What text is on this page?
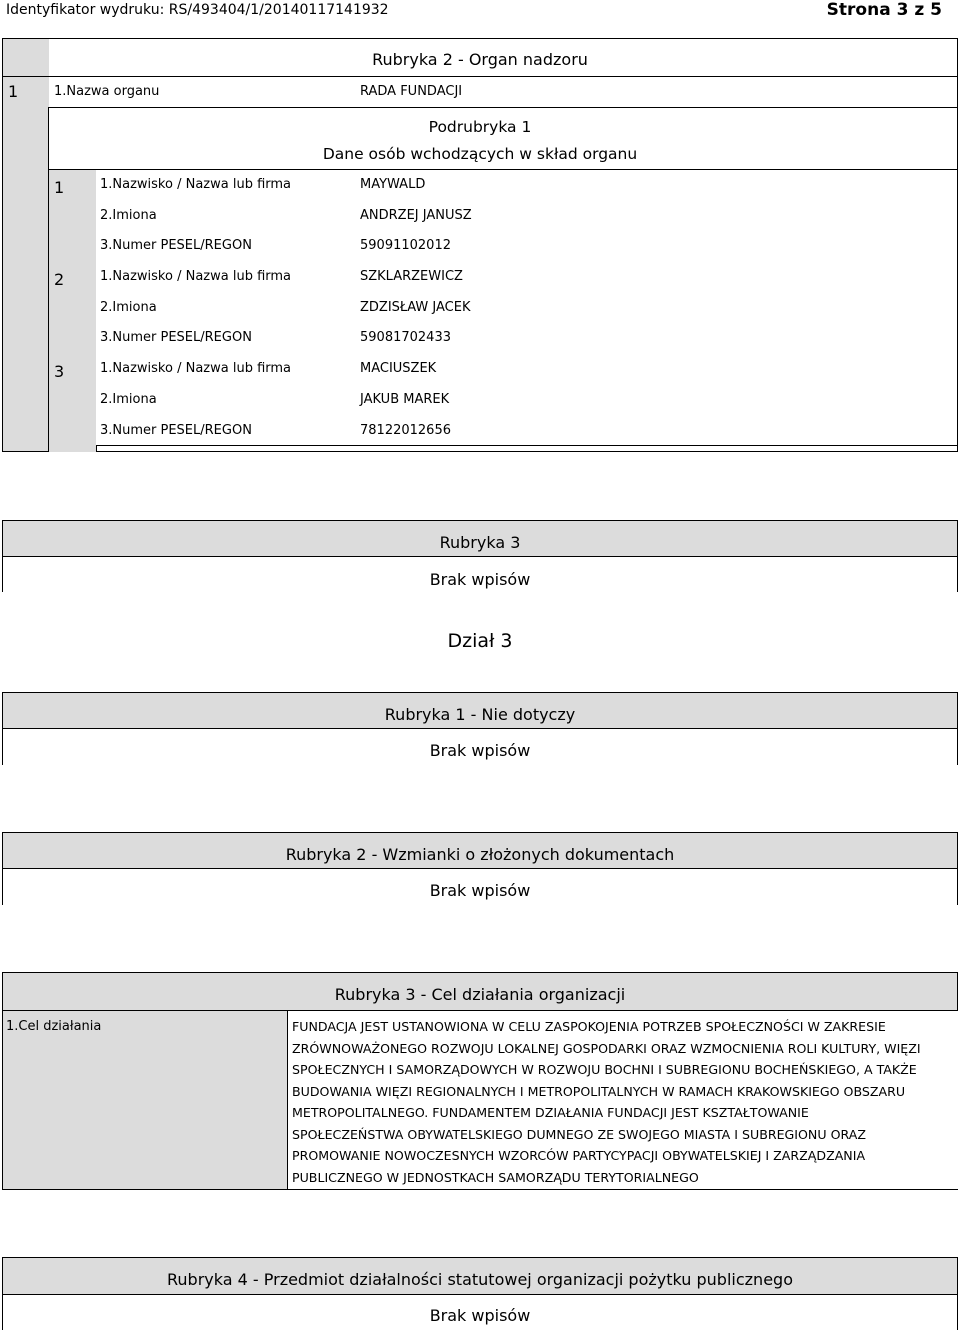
Identyfikator wydruku: RS/493404/1/20140117141932	Strona 3 z 5
Rubryka 2 - Organ nadzoru
1	1.Nazwa organu	RADA FUNDACJI
Podrubryka 1
Dane osób wchodzących w skład organu
1	1.Nazwisko / Nazwa lub firma	MAYWALD
2.Imiona	ANDRZEJ JANUSZ
3.Numer PESEL/REGON	59091102012
2	1.Nazwisko / Nazwa lub firma	SZKLARZEWICZ
2.Imiona	ZDZISŁAW JACEK
3.Numer PESEL/REGON	59081702433
3	1.Nazwisko / Nazwa lub firma	MACIUSZEK
2.Imiona	JAKUB MAREK
3.Numer PESEL/REGON	78122012656
Rubryka 3
Brak wpisów
Dział 3
Rubryka 1 - Nie dotyczy
Brak wpisów
Rubryka 2 - Wzmianki o złożonych dokumentach
Brak wpisów
Rubryka 3 - Cel działania organizacji
1.Cel działania	FUNDACJA JEST USTANOWIONA W CELU ZASPOKOJENIA POTRZEB SPOŁECZNOŚCI W ZAKRESIE
ZRÓWNOWAŻONEGO ROZWOJU LOKALNEJ GOSPODARKI ORAZ WZMOCNIENIA ROLI KULTURY, WIĘZI
SPOŁECZNYCH I SAMORZĄDOWYCH W ROZWOJU BOCHNI I SUBREGIONU BOCHEŃSKIEGO, A TAKŻE
BUDOWANIA WIĘZI REGIONALNYCH I METROPOLITALNYCH W RAMACH KRAKOWSKIEGO OBSZARU
METROPOLITALNEGO. FUNDAMENTEM DZIAŁANIA FUNDACJI JEST KSZTAŁTOWANIE
SPOŁECZEŃSTWA OBYWATELSKIEGO DUMNEGO ZE SWOJEGO MIASTA I SUBREGIONU ORAZ
PROMOWANIE NOWOCZESNYCH WZORCÓW PARTYCYPACJI OBYWATELSKIEJ I ZARZĄDZANIA
PUBLICZNEGO W JEDNOSTKACH SAMORZĄDU TERYTORIALNEGO
Rubryka 4 - Przedmiot działalności statutowej organizacji pożytku publicznego
Brak wpisów
